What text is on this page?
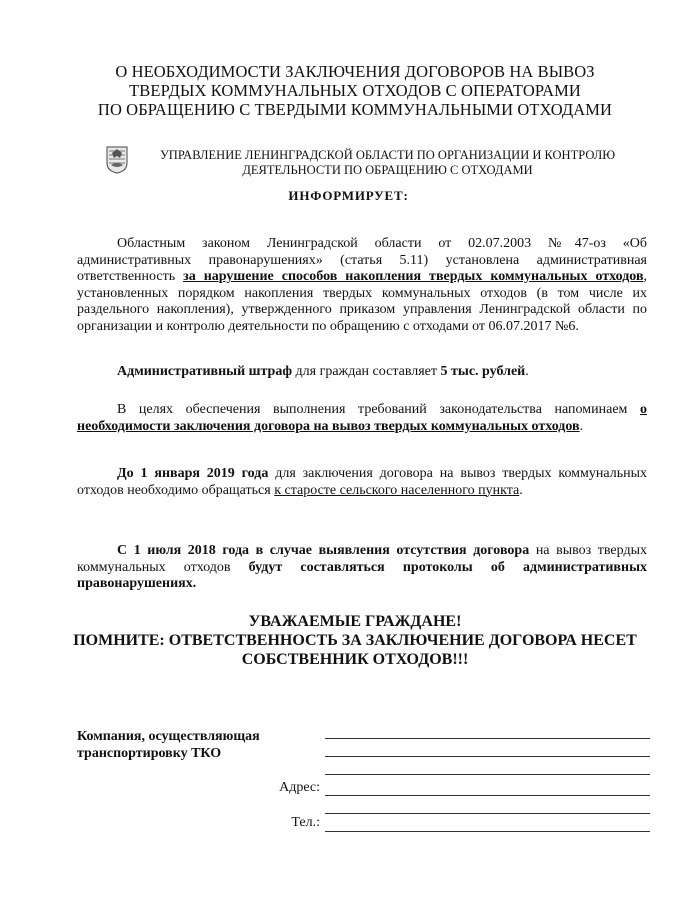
О НЕОБХОДИМОСТИ ЗАКЛЮЧЕНИЯ ДОГОВОРОВ НА ВЫВОЗ
ТВЕРДЫХ КОММУНАЛЬНЫХ ОТХОДОВ С ОПЕРАТОРАМИ
ПО ОБРАЩЕНИЮ С ТВЕРДЫМИ КОММУНАЛЬНЫМИ ОТХОДАМИ
УПРАВЛЕНИЕ ЛЕНИНГРАДСКОЙ ОБЛАСТИ ПО ОРГАНИЗАЦИИ И КОНТРОЛЮ
ДЕЯТЕЛЬНОСТИ ПО ОБРАЩЕНИЮ С ОТХОДАМИ
ИНФОРМИРУЕТ:
Областным законом Ленинградской области от 02.07.2003 №47-оз «Об административных правонарушениях» (статья 5.11) установлена административная ответственность за нарушение способов накопления твердых коммунальных отходов, установленных порядком накопления твердых коммунальных отходов (в том числе их раздельного накопления), утвержденного приказом управления Ленинградской области по организации и контролю деятельности по обращению с отходами от 06.07.2017 №6.
Административный штраф для граждан составляет 5 тыс. рублей.
В целях обеспечения выполнения требований законодательства напоминаем о необходимости заключения договора на вывоз твердых коммунальных отходов.
До 1 января 2019 года для заключения договора на вывоз твердых коммунальных отходов необходимо обращаться к старосте сельского населенного пункта.
С 1 июля 2018 года в случае выявления отсутствия договора на вывоз твердых коммунальных отходов будут составляться протоколы об административных правонарушениях.
УВАЖАЕМЫЕ ГРАЖДАНЕ!
ПОМНИТЕ: ОТВЕТСТВЕННОСТЬ ЗА ЗАКЛЮЧЕНИЕ ДОГОВОРА НЕСЕТ
СОБСТВЕННИК ОТХОДОВ!!!
Компания, осуществляющая
транспортировку ТКО
Адрес:
Тел.:
